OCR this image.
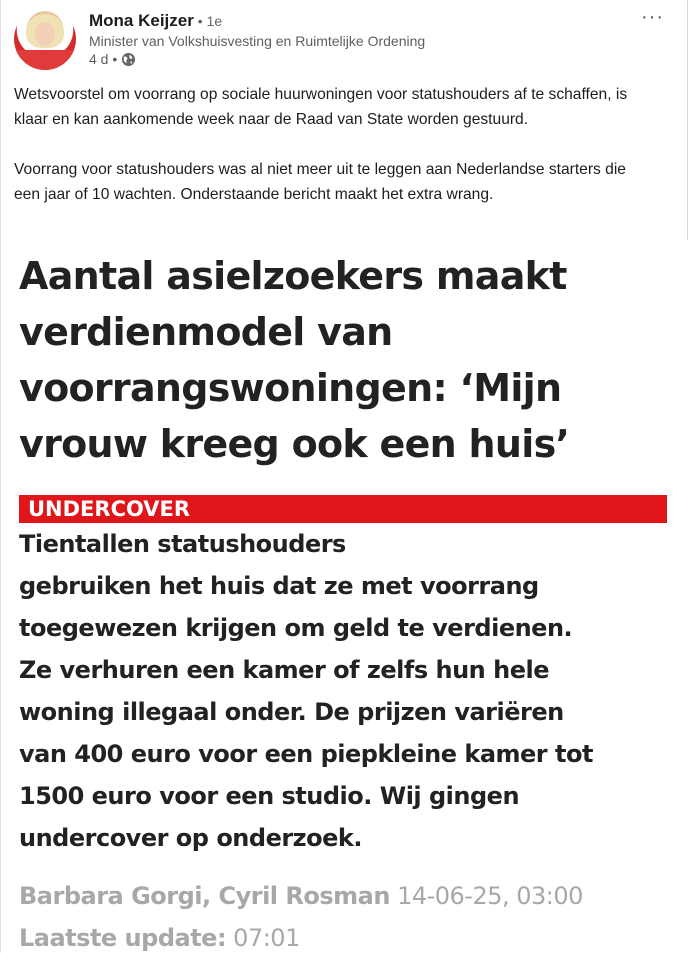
Mona Keijzer • 1e
Minister van Volkshuisvesting en Ruimtelijke Ordening
4 d •
···

Wetsvoorstel om voorrang op sociale huurwoningen voor statushouders af te schaffen, is klaar en kan aankomende week naar de Raad van State worden gestuurd.

Voorrang voor statushouders was al niet meer uit te leggen aan Nederlandse starters die een jaar of 10 wachten. Onderstaande bericht maakt het extra wrang.

Aantal asielzoekers maakt
verdienmodel van
voorrangswoningen: ‘Mijn
vrouw kreeg ook een huis’
UNDERCOVER
Tientallen statushouders
gebruiken het huis dat ze met voorrang
toegewezen krijgen om geld te verdienen.
Ze verhuren een kamer of zelfs hun hele
woning illegaal onder. De prijzen variëren
van 400 euro voor een piepkleine kamer tot
1500 euro voor een studio. Wij gingen
undercover op onderzoek.
Barbara Gorgi, Cyril Rosman 14-06-25, 03:00
Laatste update: 07:01
